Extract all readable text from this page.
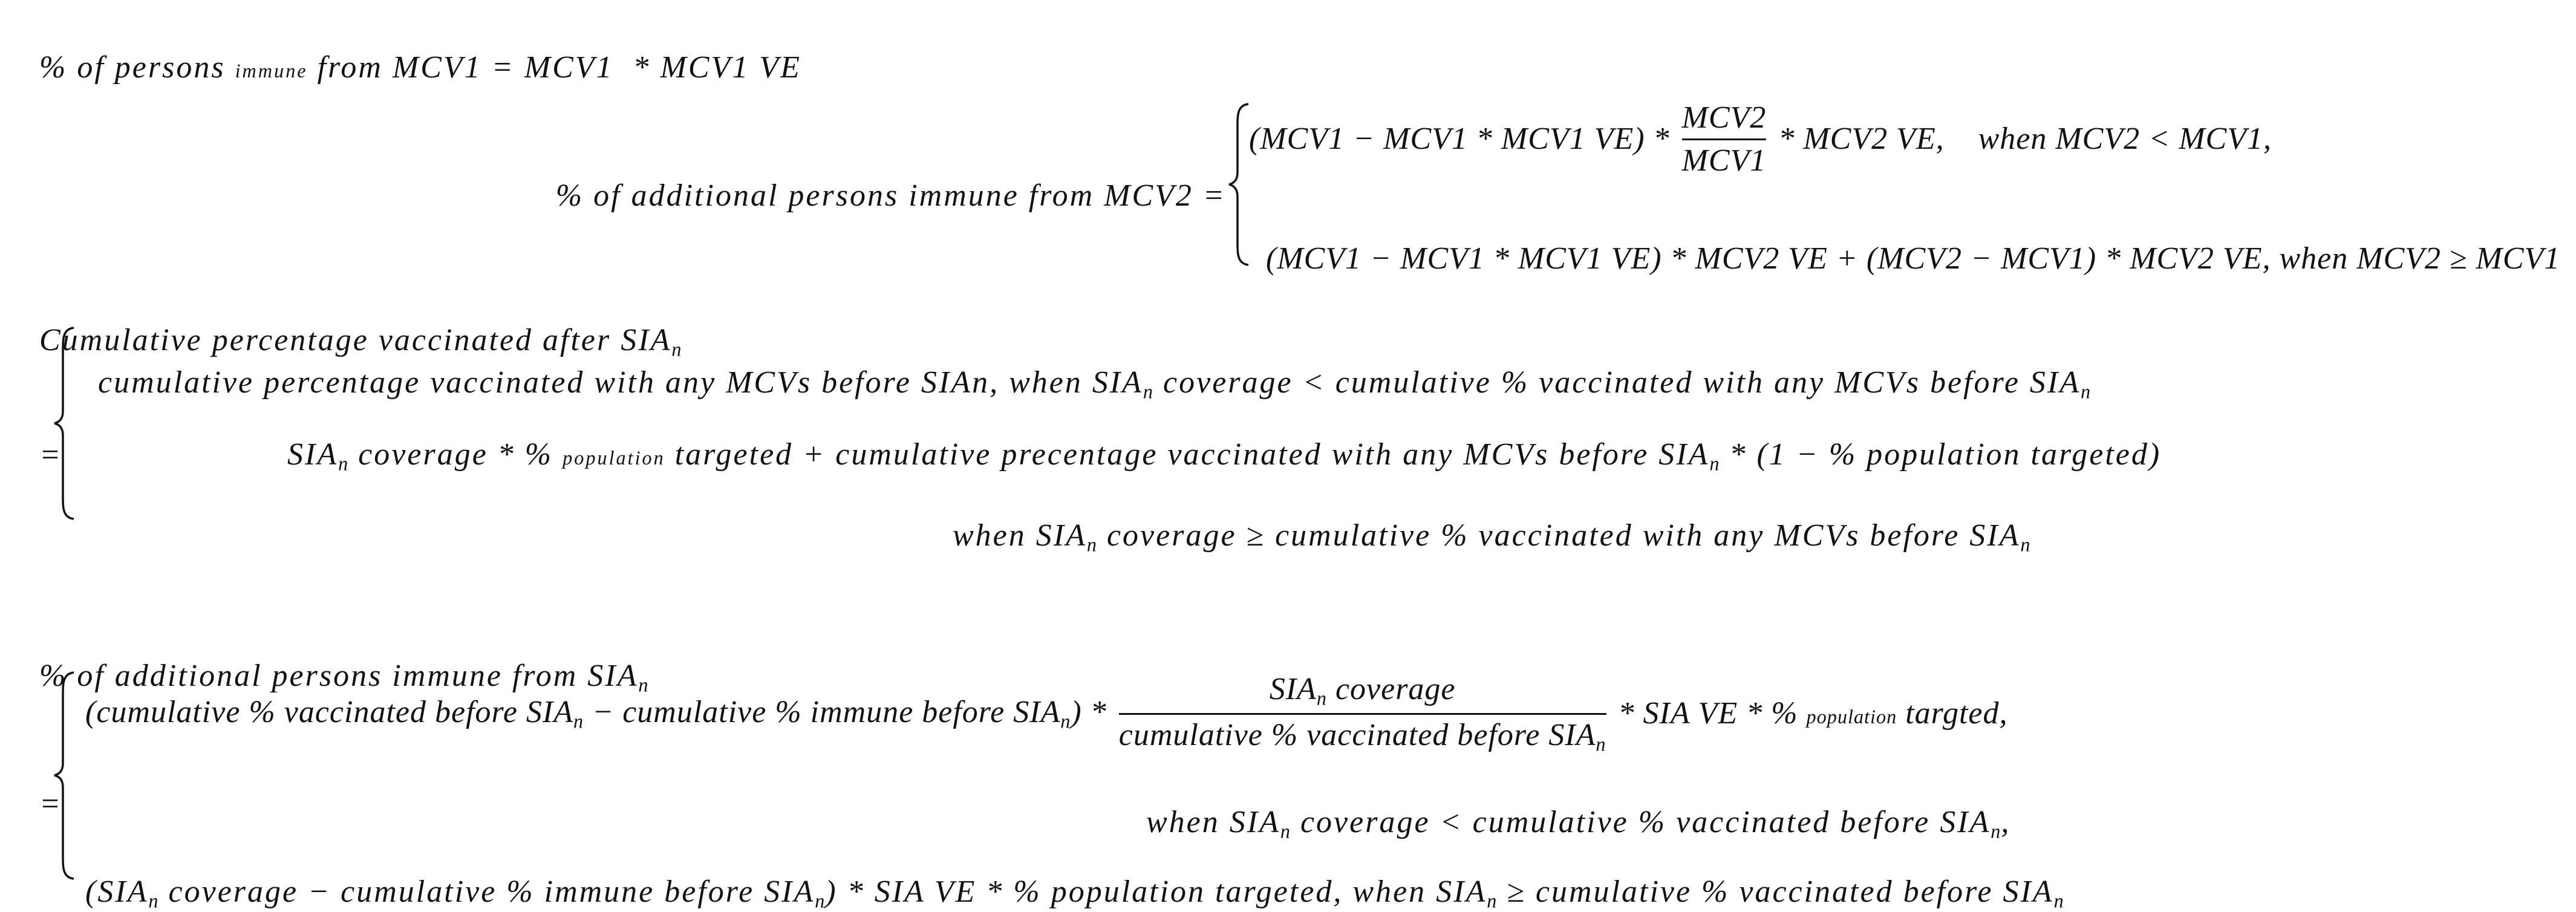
% of persons immune from MCV1 = MCV1  * MCV1 VE

% of additional persons immune from MCV2 =

(MCV1 − MCV1 * MCV1 $VE) * \frac{\text{MCV2}}{\text{MCV1}} * MCV2$ VE,    when MCV2 < MCV1,

(MCV1 − MCV1 * MCV1 VE) * MCV2 VE + (MCV2 − MCV1) * MCV2 VE, when MCV2 ≥ MCV1

Cumulative percentage vaccinated after $SIA_n$

=

cumulative percentage vaccinated with any MCVs before SIAn, when $SIA_n$ coverage < cumulative % vaccinated with any MCVs before $SIA_n$

$SIA_n$ coverage * % population targeted + cumulative precentage vaccinated with any MCVs before $SIA_n * (1$ − % population targeted)

when $SIA_n$ coverage ≥ cumulative % vaccinated with any MCVs before $SIA_n$

% of additional persons immune from $SIA_n$

=

(cumulative % vaccinated before $SIA_n$ − cumulative % immune before $SIA_n) * \frac{SIA_n coverage}{cumulative \% vaccinated before SIA_n}$ * SIA VE * % population targted,

when $SIA_n$ coverage < cumulative % vaccinated before $SIA_n$,

($SIA_n$ coverage − cumulative % immune before $SIA_n$) * SIA VE * % population targeted, when $SIA_n$ ≥ cumulative % vaccinated before $SIA_n$
